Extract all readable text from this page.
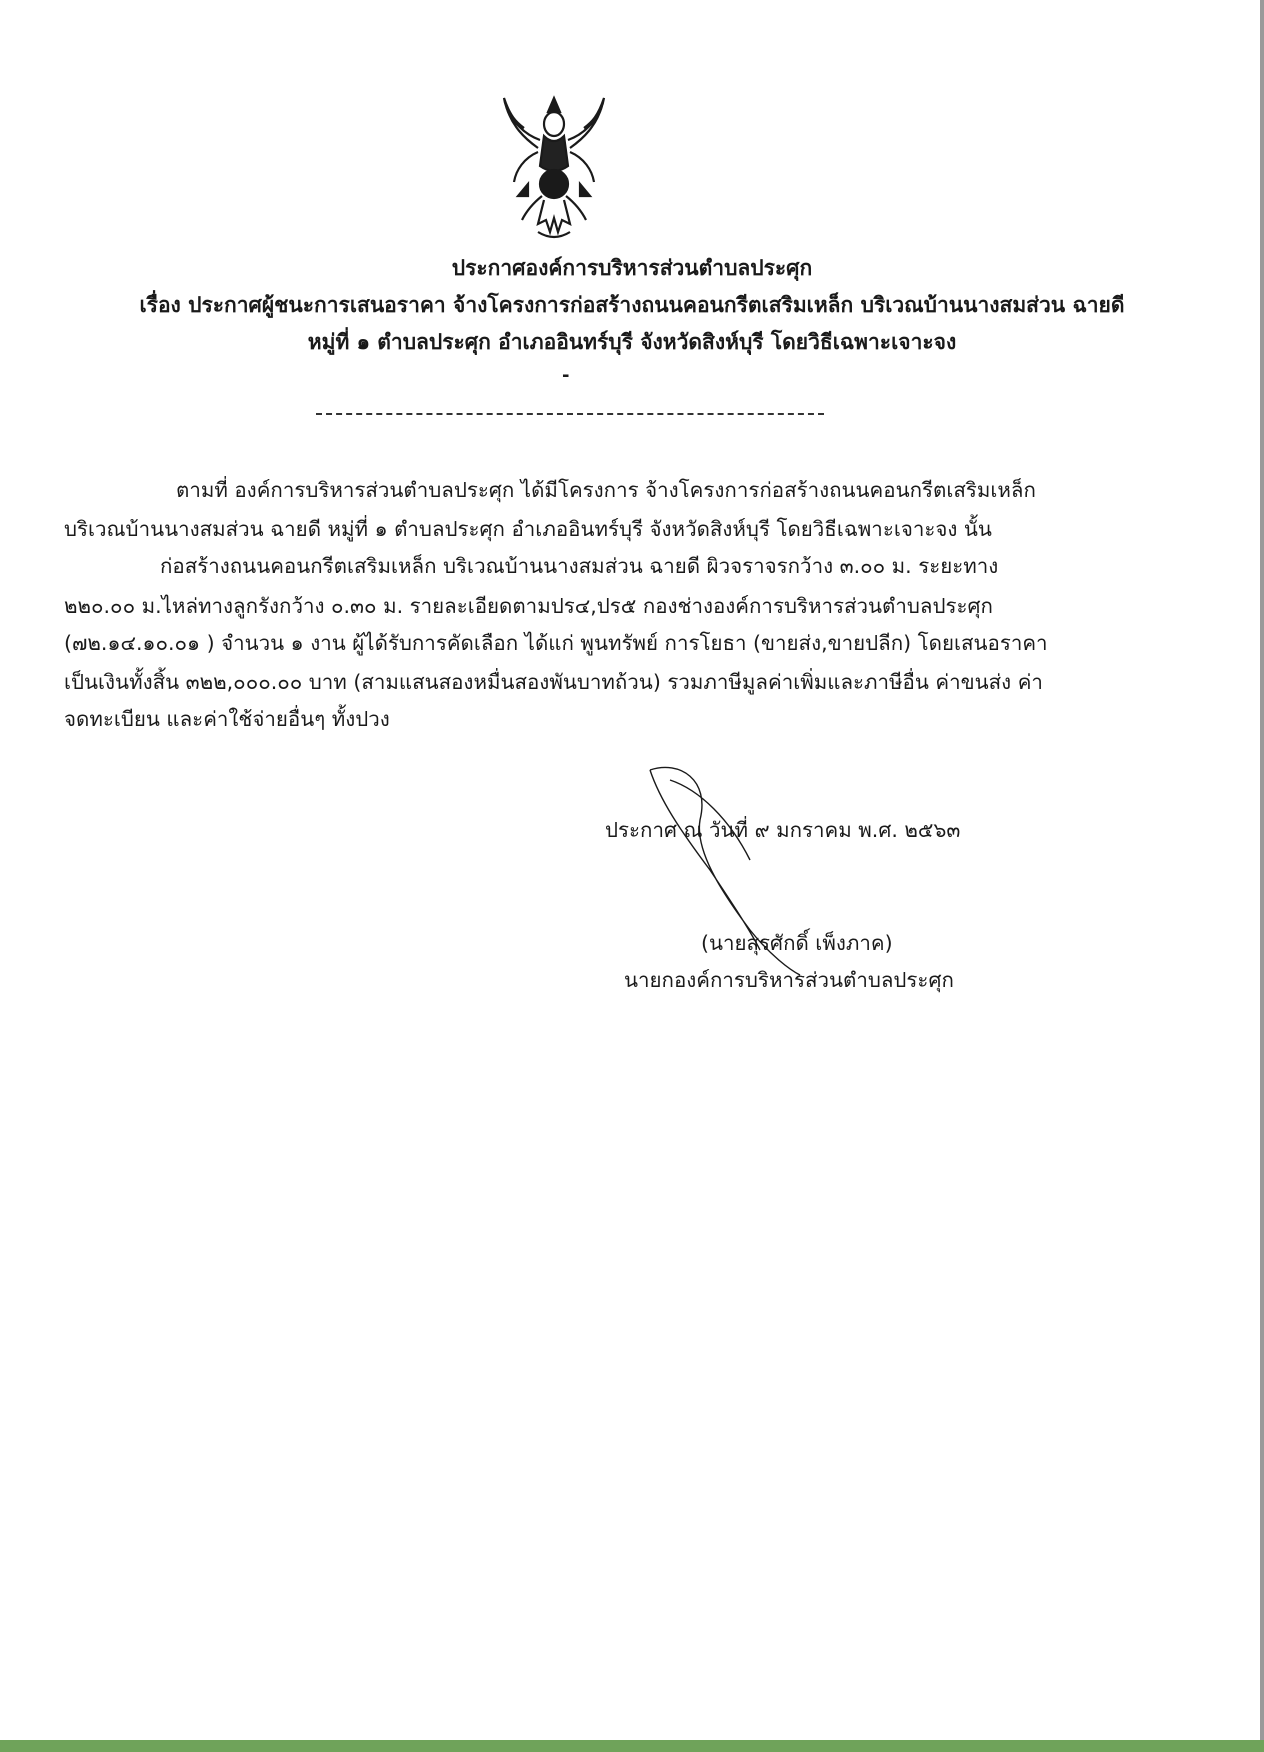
ประกาศองค์การบริหารส่วนตำบลประศุก
เรื่อง ประกาศผู้ชนะการเสนอราคา จ้างโครงการก่อสร้างถนนคอนกรีตเสริมเหล็ก บริเวณบ้านนางสมส่วน ฉายดี
หมู่ที่ ๑ ตำบลประศุก อำเภออินทร์บุรี จังหวัดสิงห์บุรี โดยวิธีเฉพาะเจาะจง
-
ตามที่ องค์การบริหารส่วนตำบลประศุก ได้มีโครงการ จ้างโครงการก่อสร้างถนนคอนกรีตเสริมเหล็ก
บริเวณบ้านนางสมส่วน ฉายดี หมู่ที่ ๑ ตำบลประศุก อำเภออินทร์บุรี จังหวัดสิงห์บุรี โดยวิธีเฉพาะเจาะจง นั้น
ก่อสร้างถนนคอนกรีตเสริมเหล็ก บริเวณบ้านนางสมส่วน ฉายดี ผิวจราจรกว้าง ๓.๐๐ ม. ระยะทาง
๒๒๐.๐๐ ม.ไหล่ทางลูกรังกว้าง ๐.๓๐ ม. รายละเอียดตามปร๔,ปร๕ กองช่างองค์การบริหารส่วนตำบลประศุก
(๗๒.๑๔.๑๐.๐๑ ) จำนวน ๑ งาน ผู้ได้รับการคัดเลือก ได้แก่ พูนทรัพย์ การโยธา (ขายส่ง,ขายปลีก) โดยเสนอราคา
เป็นเงินทั้งสิ้น ๓๒๒,๐๐๐.๐๐ บาท (สามแสนสองหมื่นสองพันบาทถ้วน) รวมภาษีมูลค่าเพิ่มและภาษีอื่น ค่าขนส่ง ค่า
จดทะเบียน และค่าใช้จ่ายอื่นๆ ทั้งปวง
ประกาศ ณ วันที่ ๙ มกราคม พ.ศ. ๒๕๖๓
(นายสุรศักดิ์ เพ็งภาค)
นายกองค์การบริหารส่วนตำบลประศุก
